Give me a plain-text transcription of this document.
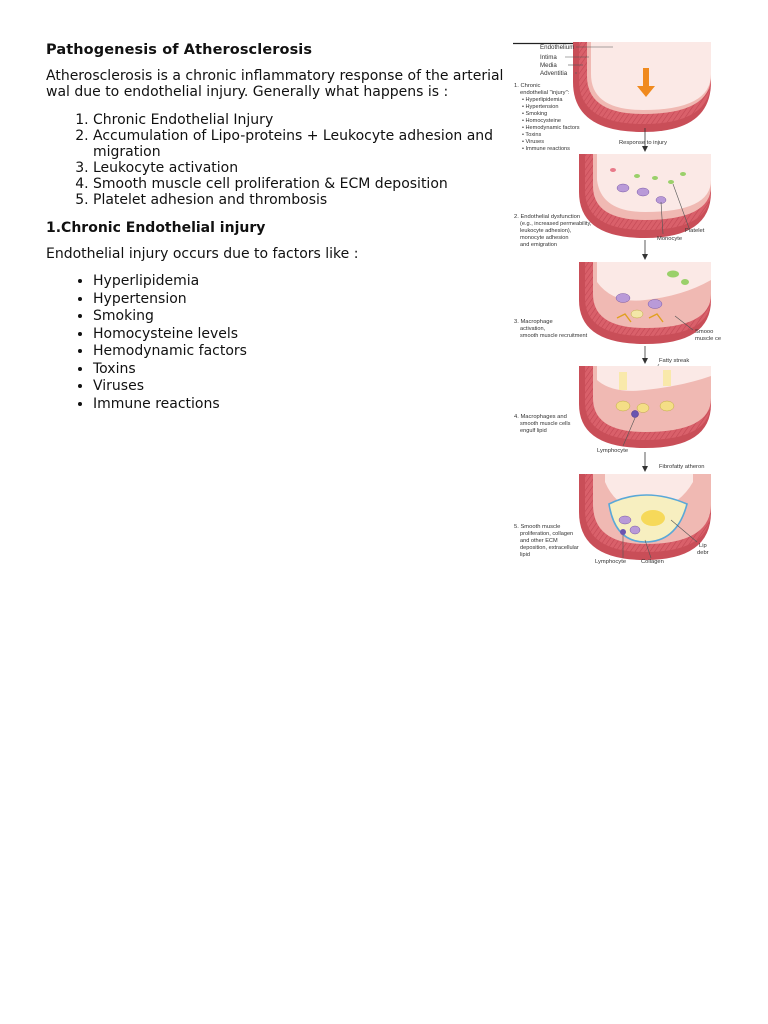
Pathogenesis of Atherosclerosis

Atherosclerosis is a chronic inflammatory response of the arterial wal due to endothelial injury. Generally what happens is :

1. Chronic Endothelial Injury
2. Accumulation of Lipo-proteins + Leukocyte adhesion and migration
3. Leukocyte activation
4. Smooth muscle cell proliferation & ECM deposition
5. Platelet adhesion and thrombosis
1.Chronic Endothelial injury

Endothelial injury occurs due to factors like :

• Hyperlipidemia
• Hypertension
• Smoking
• Homocysteine levels
• Hemodynamic factors
• Toxins
• Viruses
• Immune reactions
Endothelium
Intima
Media
Adventitia
1. Chronic
endothelial "injury":
• Hyperlipidemia
• Hypertension
• Smoking
• Homocysteine
• Hemodynamic factors
• Toxins
• Viruses
• Immune reactions
Response to injury
2. Endothelial dysfunction
(e.g., increased permeability,
leukocyte adhesion),
monocyte adhesion
and emigration
Platelet
Monocyte
3. Macrophage
activation,
smooth muscle recruitment
Smooo
muscle ce
Fatty streak
4. Macrophages and
smooth muscle cells
engulf lipid
Lymphocyte
Fibrofatty atheron
5. Smooth muscle
proliferation, collagen
and other ECM
deposition, extracellular
lipid
Lip
debr
Lymphocyte	Collagen
